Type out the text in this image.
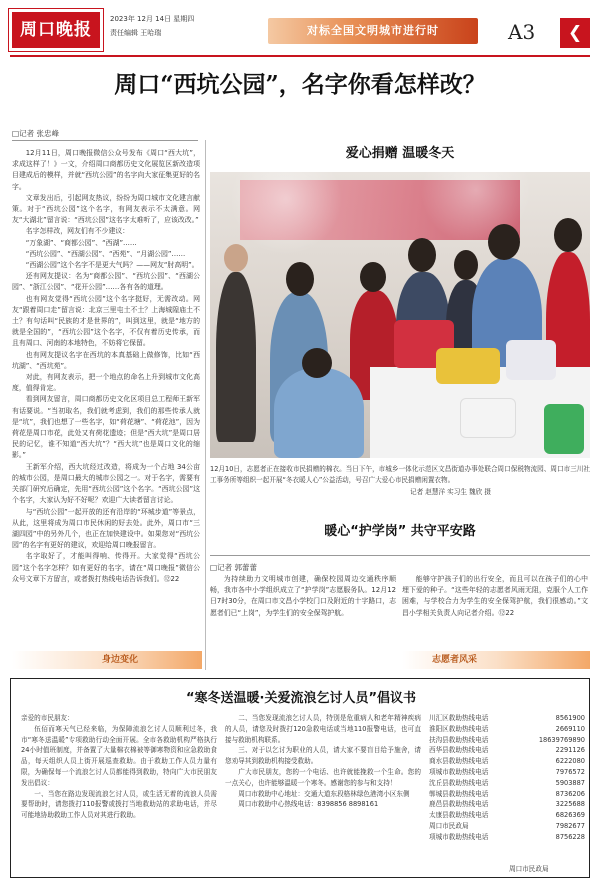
周口晚报
2023年 12月 14日 星期四
责任编辑 王哈瑞	对标全国文明城市进行时	A3 ❮
周口“西坑公园”，名字你看怎样改？
□记者 张忠峰

12月11日，周口晚报微信公众号发布《周口“西大坑”，求成这样了！》一文，介绍周口商都历史文化展览区新改造项目建成后的模样，并就“西坑公园”的名字向大家征集更好的名字。

文章发出后，引起网友热议，纷纷为周口城市文化建言献策。对于“西坑公园”这个名字，有网友表示不太满意。网友“大湖北”留言说：“西坑公园”这名字太难听了，应该改改。”

名字怎样改，网友们有不少建议：

“万象湖”、“商都公园”、“西湖”……

“西坑公园”、“西湖公园”、“西苑”、“月湖公园”……

“西湖公园”这个名字不是更大气吗？——网友“肘高明”。

还有网友提议：名为“商都公园”、“西坑公园”、“西湖公园”、“浙江公园”、“花开公园”……各有各的道理。

也有网友觉得“西坑公园”这个名字挺好，无需改动。网友“跟着周口走”留言说：北京三里屯土不土？上海城隍庙土不土？有句话叫“民族的才是世界的”，叫到这里，就是“地方的就是全国的”，“西坑公园”这个名字，不仅有着历史传承，而且有周口、河南的本地特色，不妨将它保留。

也有网友提议名字在西坑的本真基础上做修饰，比如“西坑湖”、“西坑苑”。

对此，有网友表示，把一个地点的命名上升到城市文化高度，值得肯定。

看到网友留言，周口商都历史文化区项目总工程师王新军有话要说。“当初取名，我们就考虑到，我们的那些传承人就是“坑”，我们也想了一些名字，如“荷花塘”、“荷花池”，因为荷花是周口市花，此处又有荷花遗迹；但是“西大坑”是周口居民的记忆，谁不知道“西大坑”？“西大坑”也是周口文化的缩影。”

王新军介绍，西大坑经过改造，将成为一个占地 34公亩 的城市公园，是周口最大的城市公园之一。对于名字，需要有关部门研究后确定，先用“西坑公园”这个名字。“西坑公园”这个名字，大家认为好不好呢？欢迎广大读者留言讨论。

与“西坑公园”一起开放的还有沿岸的“环城步道”等景点，从此，这里将成为周口市民休闲的好去处。此外，周口市“三湖四园”中的另外几个，也正在加快建设中。如果您对“西坑公园”的名字有更好的建议，欢迎给周口晚报留言。

名字取好了，才能叫得响、传得开。大家觉得“西坑公园”这个名字怎样？如有更好的名字，请在“周口晚报”微信公众号文章下方留言，或者拨打热线电话告诉我们。⑫22

爱心捐赠 温暖冬天
12月10日，志愿者正在接收市民捐赠的棉衣。当日下午，市城乡一体化示范区文昌街道办事处联合周口保税物流园、周口市三川社工事务所等组织一起开展“冬衣暖人心”公益活动，号召广大爱心市民捐赠闲置衣物。
记者 赵慧洋 实习生 魏欣 摄
暖心“护学岗” 共守平安路
□记者 郭蕾蕾

为持续助力文明城市创建，确保校园周边交通秩序顺畅，我市各中小学组织成立了“护学岗”志愿服务队。12月12日7时30分，在周口市文昌小学校门口及附近的十字路口，志愿者们已“上岗”，为学生们的安全保驾护航。

能够守护孩子们的出行安全，而且可以在孩子们的心中埋下爱的种子。“这些年轻的志愿者风雨无阻，克服个人工作困难，与学校合力为学生的安全保驾护航，我们很感动。”文昌小学相关负责人向记者介绍。⑫22

身边变化	志愿者风采
“寒冬送温暖·关爱流浪乞讨人员”倡议书

亲爱的市民朋友：

伍佰而寒天气已经来临，为保障流浪乞讨人员顺利过冬，我市“寒冬送温暖”专项救助行动全面开展。全市各救助机构严格执行24小时值班制度，并备置了大量棉衣棉被等御寒物资和应急救助食品，每天组织人员上街开展巡查救助。由于救助工作人员力量有限，为确保每一个流浪乞讨人员都能得到救助，特向广大市民朋友发出倡议：

一、当您在路边发现流浪乞讨人员，或生活无着的流浪人员需要帮助时，请您拨打110报警或拨打当地救助站的求助电话，并尽可能地协助救助工作人员对其进行救助。

二、当您发现流浪乞讨人员，特别是危重病人和老年精神疾病的人员，请您及时拨打120急救电话或当地110报警电话，也可直接与救助机构联系。

三、对于以乞讨为职业的人员，请大家不要盲目给予施舍，请您劝导其到救助机构接受救助。

广大市民朋友，您的一个电话、也许就能挽救一个生命。您的一点关心，也许能够温暖一个寒冬。感谢您的参与和支持！

周口市救助中心地址：交通大道东段格林绿色港湾小区东侧

周口市救助中心热线电话：8398856 8898161

川汇区救助热线电话	8561900
淮阳区救助热线电话	2669110
扶沟县救助热线电话	18639769890
西华县救助热线电话	2291126
商水县救助热线电话	6222080
项城市救助热线电话	7976572
沈丘县救助热线电话	5903887
郸城县救助热线电话	8736206
鹿邑县救助热线电话	3225688
太康县救助热线电话	6826369
周口市民政局	7982677
项城市救助热线电话	8756228
周口市民政局
